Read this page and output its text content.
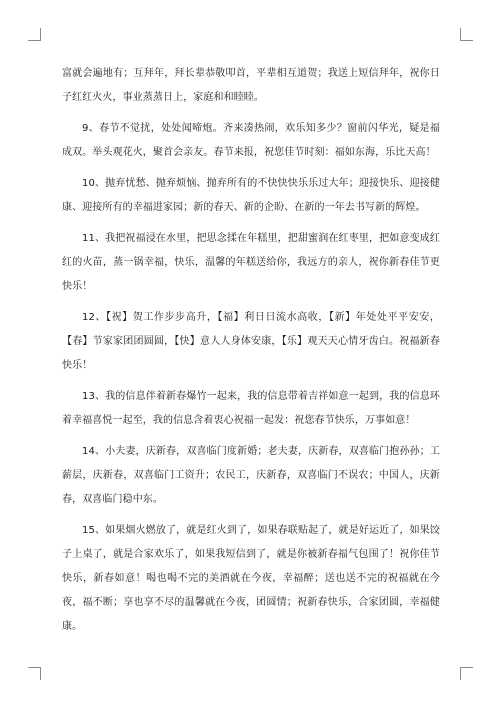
富就会遍地有；互拜年，拜长辈恭敬叩首，平辈相互道贺；我送上短信拜年，祝你日子红红火火，事业蒸蒸日上，家庭和和睦睦。

9、春节不觉扰，处处闻啼炮。齐来凑热闹，欢乐知多少？窗前闪华光，疑是福成双。举头观花火，聚首会亲友。春节来报，祝您佳节时刻：福如东海，乐比天高！

10、抛弃忧愁、抛弃烦恼、抛弃所有的不快快快乐乐过大年；迎接快乐、迎接健康、迎接所有的幸福进家园；新的春天、新的企盼、在新的一年去书写新的辉煌。

11、我把祝福浸在水里，把思念揉在年糕里，把甜蜜润在红枣里，把如意变成红红的火苗，蒸一锅幸福，快乐，温馨的年糕送给你，我远方的亲人，祝你新春佳节更快乐！

12、【祝】贺工作步步高升，【福】利日日流水高收，【新】年处处平平安安，【春】节家家团团圆圆，【快】意人人身体安康，【乐】观天天心情牙齿白。祝福新春快乐！

13、我的信息伴着新春爆竹一起来，我的信息带着吉祥如意一起到，我的信息环着幸福喜悦一起至，我的信息含着衷心祝福一起发：祝您春节快乐，万事如意！

14、小夫妻，庆新春，双喜临门度新婚；老夫妻，庆新春，双喜临门抱孙孙；工薪层，庆新春，双喜临门工资升；农民工，庆新春，双喜临门不误农；中国人，庆新春，双喜临门稳中东。

15、如果烟火燃放了，就是红火到了，如果春联贴起了，就是好运近了，如果饺子上桌了，就是合家欢乐了，如果我短信到了，就是你被新春福气包围了！祝你佳节快乐，新春如意！喝也喝不完的美酒就在今夜，幸福醉；送也送不完的祝福就在今夜，福不断；享也享不尽的温馨就在今夜，团圆情；祝新春快乐，合家团圆，幸福健康。
